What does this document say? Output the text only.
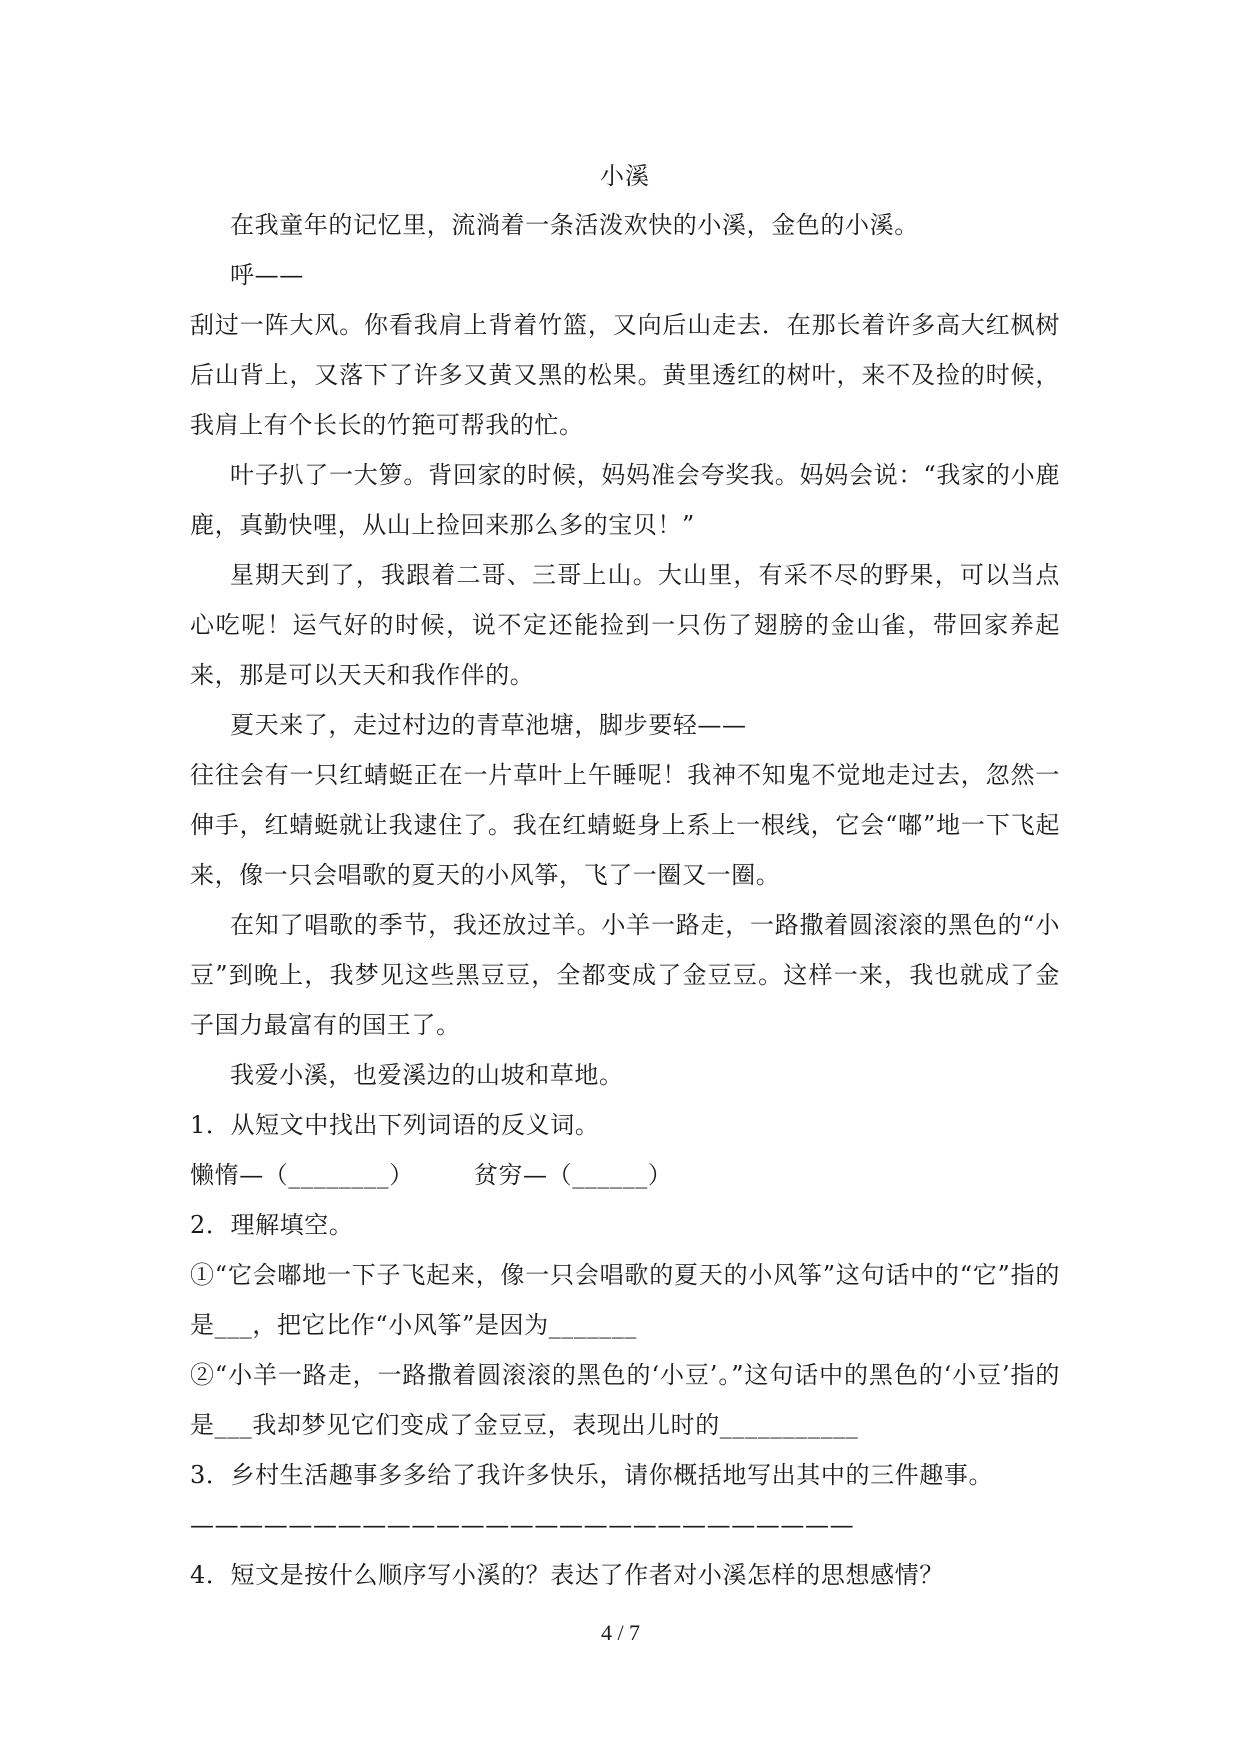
小溪

在我童年的记忆里，流淌着一条活泼欢快的小溪，金色的小溪。

呼——

刮过一阵大风。你看我肩上背着竹篮，又向后山走去．在那长着许多高大红枫树后山背上，又落下了许多又黄又黑的松果。黄里透红的树叶，来不及捡的时候，我肩上有个长长的竹筢可帮我的忙。

叶子扒了一大箩。背回家的时候，妈妈准会夸奖我。妈妈会说：“我家的小鹿鹿，真勤快哩，从山上捡回来那么多的宝贝！”

星期天到了，我跟着二哥、三哥上山。大山里，有采不尽的野果，可以当点心吃呢！运气好的时候，说不定还能捡到一只伤了翅膀的金山雀，带回家养起来，那是可以天天和我作伴的。

夏天来了，走过村边的青草池塘，脚步要轻——

往往会有一只红蜻蜓正在一片草叶上午睡呢！我神不知鬼不觉地走过去，忽然一伸手，红蜻蜓就让我逮住了。我在红蜻蜓身上系上一根线，它会“嘟”地一下飞起来，像一只会唱歌的夏天的小风筝，飞了一圈又一圈。

在知了唱歌的季节，我还放过羊。小羊一路走，一路撒着圆滚滚的黑色的“小豆”到晚上，我梦见这些黑豆豆，全都变成了金豆豆。这样一来，我也就成了金子国力最富有的国王了。

我爱小溪，也爱溪边的山坡和草地。

1．从短文中找出下列词语的反义词。

懒惰—（________）	贫穷—（______）

2．理解填空。

①“它会嘟地一下子飞起来，像一只会唱歌的夏天的小风筝”这句话中的“它”指的是___，把它比作“小风筝”是因为_______

②“小羊一路走，一路撒着圆滚滚的黑色的‘小豆’。”这句话中的黑色的‘小豆’指的是___我却梦见它们变成了金豆豆，表现出儿时的___________

3．乡村生活趣事多多给了我许多快乐，请你概括地写出其中的三件趣事。

———————————————————————————

4．短文是按什么顺序写小溪的？表达了作者对小溪怎样的思想感情？

4 / 7
